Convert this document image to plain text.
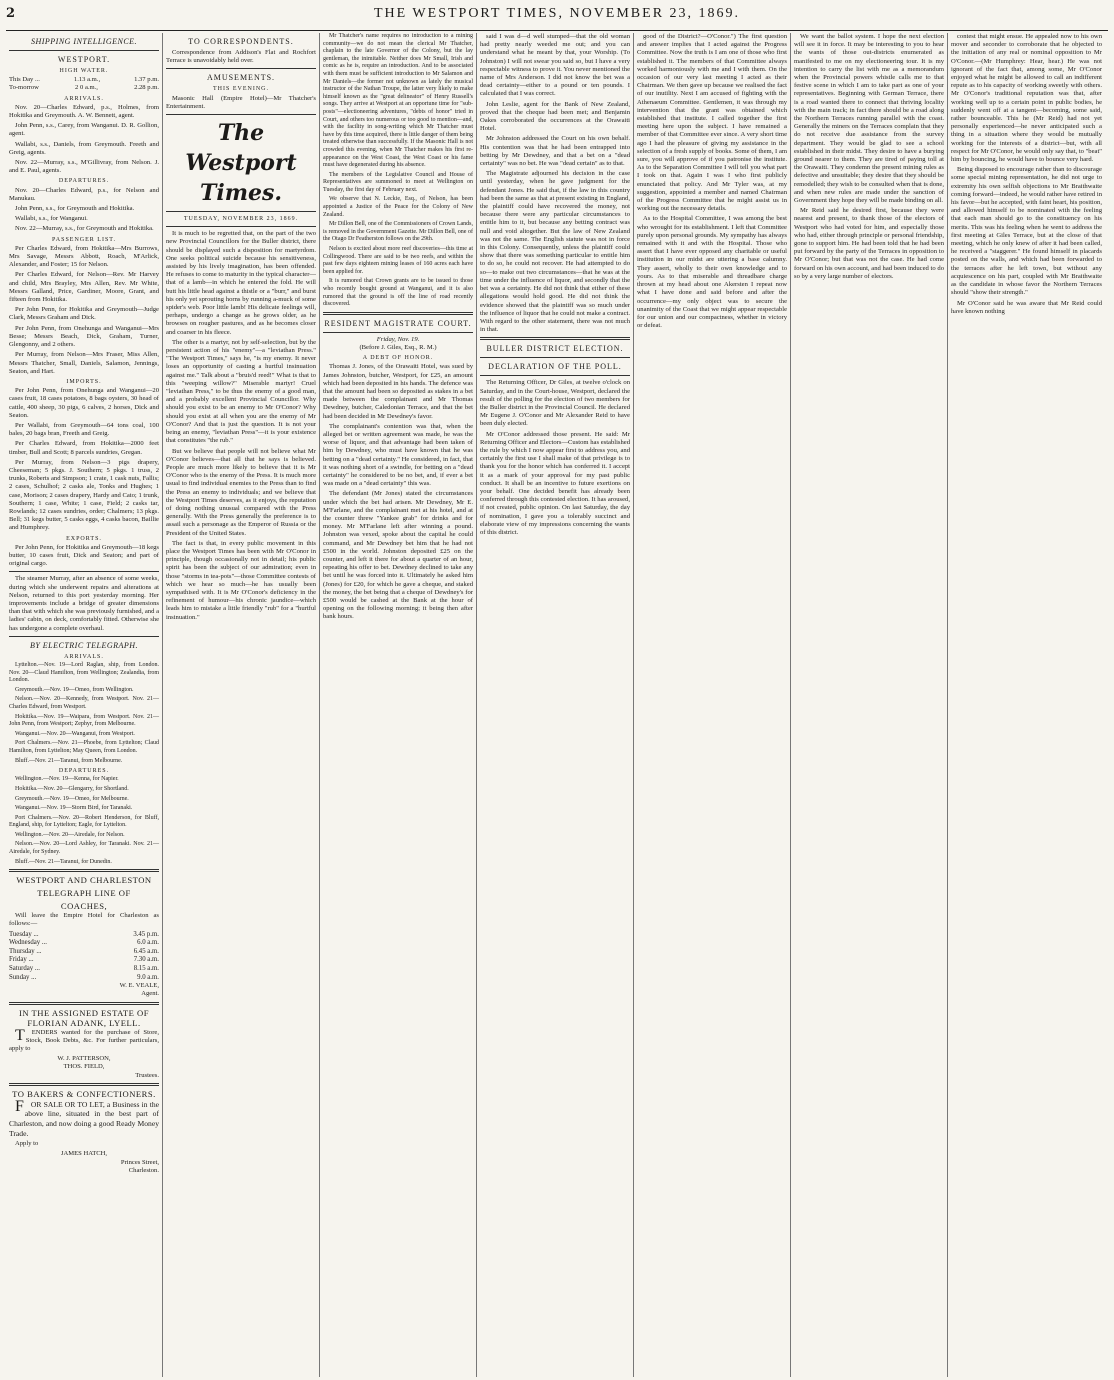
2	THE WESTPORT TIMES, NOVEMBER 23, 1869.
SHIPPING INTELLIGENCE.
WESTPORT.
HIGH WATER.
This Day ...	1.13 a.m.,	1.37 p.m.
To-morrow	2 0 a.m.,	2.28 p.m.
ARRIVALS.

Nov. 20—Charles Edward, p.s., Holmes, from Hokitika and Greymouth. A. W. Bennett, agent.

John Penn, s.s., Carey, from Wanganui. D. R. Gollion, agent.

Wallabi, s.s., Daniels, from Greymouth. Freeth and Greig, agents.

Nov. 22—Murray, s.s., M'Gillivray, from Nelson. J. and E. Paul, agents.

DEPARTURES.

Nov. 20—Charles Edward, p.s., for Nelson and Manukau.

John Penn, s.s., for Greymouth and Hokitika.

Wallabi, s.s., for Wanganui.

Nov. 22—Murray, s.s., for Greymouth and Hokitika.

PASSENGER LIST.

Per Charles Edward, from Hokitika—Mrs Burrows, Mrs Savage, Messrs Abbott, Roach, M'Arlick, Alexander, and Foster; 15 for Nelson.

Per Charles Edward, for Nelson—Rev. Mr Harvey and child, Mrs Brayley, Mrs Allen, Rev. Mr White, Messrs Galland, Price, Gardiner, Moore, Grant, and fifteen from Hokitika.

Per John Penn, for Hokitika and Greymouth—Judge Clark, Messrs Graham and Dick.

Per John Penn, from Onehunga and Wanganui—Mrs Besse; Messrs Beach, Dick, Graham, Turner, Glengonny, and 2 others.

Per Murray, from Nelson—Mrs Fraser, Miss Allen, Messrs Thatcher, Small, Daniels, Salamon, Jennings, Seaton, and Hart.

IMPORTS.

Per John Penn, from Onehunga and Wanganui—20 cases fruit, 18 cases potatoes, 8 bags oysters, 30 head of cattle, 400 sheep, 30 pigs, 6 calves, 2 horses, Dick and Seaton.

Per Wallabi, from Greymouth—64 tons coal, 100 bales, 20 bags bran, Freeth and Greig.

Per Charles Edward, from Hokitika—2000 feet timber, Bull and Scott; 8 parcels sundries, Gregan.

Per Murray, from Nelson—3 pigs drapery, Cheeseman; 5 pkgs. J. Southern; 5 pkgs. 1 truss, 2 trunks, Roberts and Simpson; 1 crate, 1 cask nuts, Fallis; 2 cases, Schulhof; 2 casks ale, Tonks and Hughes; 1 case, Morison; 2 cases drapery, Hardy and Cato; 1 trunk, Southern; 1 case, White; 1 case, Field; 2 casks tar, Rowlands; 12 cases sundries, order; Chalmers; 13 pkgs. Bell; 31 kegs butter, 5 casks eggs, 4 casks bacon, Baillie and Humphrey.

EXPORTS.

Per John Penn, for Hokitika and Greymouth—18 kegs butter, 10 cases fruit, Dick and Seaton; and part of original cargo.

The steamer Murray, after an absence of some weeks, during which she underwent repairs and alterations at Nelson, returned to this port yesterday morning. Her improvements include a bridge of greater dimensions than that with which she was previously furnished, and a ladies' cabin, on deck, comfortably fitted. Otherwise she has undergone a complete overhaul.

BY ELECTRIC TELEGRAPH.
ARRIVALS.

Lyttelton.—Nov. 19—Lord Raglan, ship, from London. Nov. 20—Claud Hamilton, from Wellington; Zealandia, from London.

Greymouth.—Nov. 19—Omeo, from Wellington.

Nelson.—Nov. 20—Kennedy, from Westport. Nov. 21—Charles Edward, from Westport.

Hokitika.—Nov. 19—Waipara, from Westport. Nov. 21—John Penn, from Westport; Zephyr, from Melbourne.

Wanganui.—Nov. 20—Wanganui, from Westport.

Port Chalmers.—Nov. 21—Phoebe, from Lyttelton; Claud Hamilton, from Lyttelton; May Queen, from London.

Bluff.—Nov. 21—Taranui, from Melbourne.

DEPARTURES.

Wellington.—Nov. 19—Kenna, for Napier.

Hokitika.—Nov. 20—Glengarry, for Shortland.

Greymouth.—Nov. 19—Omeo, for Melbourne.

Wanganui.—Nov. 19—Storm Bird, for Taranaki.

Port Chalmers.—Nov. 20—Robert Henderson, for Bluff, England, ship, for Lyttelton; Eagle, for Lyttelton.

Wellington.—Nov. 20—Airedale, for Nelson.

Nelson.—Nov. 20—Lord Ashley, for Taranaki. Nov. 21—Airedale, for Sydney.

Bluff.—Nov. 21—Taranui, for Dunedin.

WESTPORT AND CHARLESTON
TELEGRAPH LINE OF
COACHES,

Will leave the Empire Hotel for Charleston as follows:—

Tuesday ...	3.45 p.m.
Wednesday ...	6.0 a.m.
Thursday ...	6.45 a.m.
Friday ...	7.30 a.m.
Saturday ...	8.15 a.m.
Sunday ...	9.0 a.m.
W. E. VEALE,
Agent.
IN THE ASSIGNED ESTATE OF FLORIAN ADANK, LYELL.

TENDERS wanted for the purchase of Store, Stock, Book Debts, &c. For further particulars, apply to

W. J. PATTERSON,
THOS. FIELD,
Trustees.
TO BAKERS & CONFECTIONERS.

FOR SALE OR TO LET, a Business in the above line, situated in the best part of Charleston, and now doing a good Ready Money Trade.

Apply to

JAMES HATCH,
Princes Street,
Charleston.
TO CORRESPONDENTS.

Correspondence from Addison's Flat and Rochfort Terrace is unavoidably held over.

AMUSEMENTS.
THIS EVENING.

Masonic Hall (Empire Hotel)—Mr Thatcher's Entertainment.

The Westport Times.
TUESDAY, NOVEMBER 23, 1869.

It is much to be regretted that, on the part of the two new Provincial Councillors for the Buller district, there should be displayed such a disposition for martyrdom. One seeks political suicide because his sensitiveness, assisted by his lively imagination, has been offended. He refuses to come to maturity in the typical character—that of a lamb—in which he entered the fold. He will butt his little head against a thistle or a "burr," and burst his only yet sprouting horns by running a-muck of some spider's web. Poor little lamb! His delicate feelings will, perhaps, undergo a change as he grows older, as he browses on rougher pastures, and as he becomes closer and coarser in his fleece.

The other is a martyr, not by self-selection, but by the persistent action of his "enemy"—a "leviathan Press." "The Westport Times," says he, "is my enemy. It never loses an opportunity of casting a hurtful insinuation against me." Talk about a "bruis'd reed!" What is that to this "weeping willow?" Miserable martyr! Cruel "leviathan Press," to be thus the enemy of a good man, and a probably excellent Provincial Councillor. Why should you exist to be an enemy to Mr O'Conor? Why should you exist at all when you are the enemy of Mr O'Conor? And that is just the question. It is not your being an enemy, "leviathan Press"—it is your existence that constitutes "the rub."

But we believe that people will not believe what Mr O'Conor believes—that all that he says is believed. People are much more likely to believe that it is Mr O'Conor who is the enemy of the Press. It is much more usual to find individual enemies to the Press than to find the Press an enemy to individuals; and we believe that the Westport Times deserves, as it enjoys, the reputation of doing nothing unusual compared with the Press generally. With the Press generally the preference is to assail such a personage as the Emperor of Russia or the President of the United States.

The fact is that, in every public movement in this place the Westport Times has been with Mr O'Conor in principle, though occasionally not in detail; his public spirit has been the subject of our admiration; even in those "storms in tea-pots"—those Committee contests of which we hear so much—he has usually been sympathised with. It is Mr O'Conor's deficiency in the refinement of humour—his chronic jaundice—which leads him to mistake a little friendly "rub" for a "hurtful insinuation."

Mr Thatcher's name requires no introduction to a mining community—we do not mean the clerical Mr Thatcher, chaplain to the late Governor of the Colony, but the lay gentleman, the inimitable. Neither does Mr Small, Irish and comic as he is, require an introduction. And to be associated with them must be sufficient introduction to Mr Salamon and Mr Daniels—the former not unknown as lately the musical instructor of the Nathan Troupe, the latter very likely to make himself known as the "great delineator" of Henry Russell's songs. They arrive at Westport at an opportune time for "sub-posts"—electioneering adventures, "debts of honor" tried in Court, and others too numerous or too good to mention—and, with the facility in song-writing which Mr Thatcher must have by this time acquired, there is little danger of them being treated otherwise than successfully. If the Masonic Hall is not crowded this evening, when Mr Thatcher makes his first re-appearance on the West Coast, the West Coast or his fame must have degenerated during his absence.

The members of the Legislative Council and House of Representatives are summoned to meet at Wellington on Tuesday, the first day of February next.

We observe that N. Leckie, Esq., of Nelson, has been appointed a Justice of the Peace for the Colony of New Zealand.

Mr Dillon Bell, one of the Commissioners of Crown Lands, is removed in the Government Gazette. Mr Dillon Bell, one of the Otago Dr Featherston follows on the 29th.

Nelson is excited about more reef discoveries—this time at Collingwood. There are said to be two reefs, and within the past few days eighteen mining leases of 160 acres each have been applied for.

It is rumored that Crown grants are to be issued to those who recently bought ground at Wanganui, and it is also rumored that the ground is off the line of road recently discovered.

RESIDENT MAGISTRATE COURT.
Friday, Nov. 19.
(Before J. Giles, Esq., R. M.)
A DEBT OF HONOR.

Thomas J. Jones, of the Orawaiti Hotel, was sued by James Johnston, butcher, Westport, for £25, an amount which had been deposited in his hands. The defence was that the amount had been so deposited as stakes in a bet made between the complainant and Mr Thomas Dewdney, butcher, Caledonian Terrace, and that the bet had been decided in Mr Dewdney's favor.

The complainant's contention was that, when the alleged bet or written agreement was made, he was the worse of liquor, and that advantage had been taken of him by Dewdney, who must have known that he was betting on a "dead certainty." He considered, in fact, that it was nothing short of a swindle, for betting on a "dead certainty" he considered to be no bet, and, if ever a bet was made on a "dead certainty" this was.

The defendant (Mr Jones) stated the circumstances under which the bet had arisen. Mr Dewdney, Mr E. M'Farlane, and the complainant met at his hotel, and at the counter threw "Yankee grab" for drinks and for money. Mr M'Farlane left after winning a pound. Johnston was vexed, spoke about the capital he could command, and Mr Dewdney bet him that he had not £500 in the world. Johnston deposited £25 on the counter, and left it there for about a quarter of an hour, repeating his offer to bet. Dewdney declined to take any bet until he was forced into it. Ultimately he asked him (Jones) for £20, for which he gave a cheque, and staked the money, the bet being that a cheque of Dewdney's for £500 would be cashed at the Bank at the hour of opening on the following morning; it being then after bank hours.

said I was d—d well stumped—that the old woman had pretty nearly weeded me out; and you can understand what he meant by that, your Worship. (To Johnston) I will not swear you said so, but I have a very respectable witness to prove it. You never mentioned the name of Mrs Anderson. I did not know the bet was a dead certainty—either to a pound or ten pounds. I calculated that I was correct.

John Leslie, agent for the Bank of New Zealand, proved that the cheque had been met; and Benjamin Oakes corroborated the occurrences at the Orawaiti Hotel.

Mr Johnston addressed the Court on his own behalf. His contention was that he had been entrapped into betting by Mr Dewdney, and that a bet on a "dead certainty" was no bet. He was "dead certain" as to that.

The Magistrate adjourned his decision in the case until yesterday, when he gave judgment for the defendant Jones. He said that, if the law in this country had been the same as that at present existing in England, the plaintiff could have recovered the money, not because there were any particular circumstances to entitle him to it, but because any betting contract was null and void altogether. But the law of New Zealand was not the same. The English statute was not in force in this Colony. Consequently, unless the plaintiff could show that there was something particular to entitle him to do so, he could not recover. He had attempted to do so—to make out two circumstances—that he was at the time under the influence of liquor, and secondly that the bet was a certainty. He did not think that either of these allegations would hold good. He did not think the evidence showed that the plaintiff was so much under the influence of liquor that he could not make a contract. With regard to the other statement, there was not much in that.

BULLER DISTRICT ELECTION.
DECLARATION OF THE POLL.

The Returning Officer, Dr Giles, at twelve o'clock on Saturday, and in the Court-house, Westport, declared the result of the polling for the election of two members for the Buller district in the Provincial Council. He declared Mr Eugene J. O'Conor and Mr Alexander Reid to have been duly elected.

Mr O'Conor addressed those present. He said: Mr Returning Officer and Electors—Custom has established the rule by which I now appear first to address you, and certainly the first use I shall make of that privilege is to thank you for the honor which has conferred it. I accept it as a mark of your approval for my past public conduct. It shall be an incentive to future exertions on your behalf. One decided benefit has already been conferred through this contested election. It has aroused, if not created, public opinion. On last Saturday, the day of nomination, I gave you a tolerably succinct and elaborate view of my impressions concerning the wants of this district.

good of the District?—O'Conor.") The first question and answer implies that I acted against the Progress Committee. Now the truth is I am one of those who first established it. The members of that Committee always worked harmoniously with me and I with them. On the occasion of our very last meeting I acted as their Chairman. We then gave up because we realised the fact of our inutility. Next I am accused of fighting with the Athenaeum Committee. Gentlemen, it was through my intervention that the grant was obtained which established that institute. I called together the first meeting here upon the subject. I have remained a member of that Committee ever since. A very short time ago I had the pleasure of giving my assistance in the selection of a fresh supply of books. Some of them, I am sure, you will approve of if you patronise the institute. As to the Separation Committee I will tell you what part I took on that. Again I was I who first publicly enunciated that policy. And Mr Tyler was, at my suggestion, appointed a member and named Chairman of the Progress Committee that he might assist us in working out the necessary details.

As to the Hospital Committee, I was among the best who wrought for its establishment. I left that Committee purely upon personal grounds. My sympathy has always remained with it and with the Hospital. Those who assert that I have ever opposed any charitable or useful institution in our midst are uttering a base calumny. They assert, wholly to their own knowledge and to yours. As to that miserable and threadbare charge thrown at my head about one Akersten I repeat now what I have done and said before and after the occurrence—my only object was to secure the unanimity of the Coast that we might appear respectable for our union and our compactness, whether in victory or defeat.

We want the ballot system. I hope the next election will see it in force. It may be interesting to you to hear the wants of those out-districts enumerated as manifested to me on my electioneering tour. It is my intention to carry the list with me as a memorandum when the Provincial powers whistle calls me to that festive scene in which I am to take part as one of your representatives. Beginning with German Terrace, there is a road wanted there to connect that thriving locality with the main track; in fact there should be a road along the Northern Terraces running parallel with the coast. Generally the miners on the Terraces complain that they do not receive due assistance from the survey department. They would be glad to see a school established in their midst. They desire to have a burying ground nearer to them. They are tired of paying toll at the Orawaiti. They condemn the present mining rules as defective and unsuitable; they desire that they should be remodelled; they wish to be consulted when that is done, and when new rules are made under the sanction of Government they hope they will be made binding on all.

Mr Reid said he desired first, because they were nearest and present, to thank those of the electors of Westport who had voted for him, and especially those who had, either through principle or personal friendship, gone to support him. He had been told that he had been put forward by the party of the Terraces in opposition to Mr O'Conor; but that was not the case. He had come forward on his own account, and had been induced to do so by a very large number of electors.

contest that might ensue. He appealed now to his own mover and seconder to corroborate that he objected to the initiation of any real or nominal opposition to Mr O'Conor.—(Mr Humphrey: Hear, hear.) He was not ignorant of the fact that, among some, Mr O'Conor enjoyed what he might be allowed to call an indifferent repute as to his capacity of working sweetly with others. Mr O'Conor's traditional reputation was that, after working well up to a certain point in public bodies, he suddenly went off at a tangent—becoming, some said, rather bounceable. This he (Mr Reid) had not yet personally experienced—he never anticipated such a thing in a situation where they would be mutually working for the interests of a district—but, with all respect for Mr O'Conor, he would only say that, to "beat" him by bouncing, he would have to bounce very hard.

Being disposed to encourage rather than to discourage some special mining representation, he did not urge to extremity his own selfish objections to Mr Braithwaite coming forward—indeed, he would rather have retired in his favor—but he accepted, with faint heart, his position, and allowed himself to be nominated with the feeling that each man should go to the constituency on his merits. This was his feeling when he went to address the first meeting at Giles Terrace, but at the close of that meeting, which he only knew of after it had been called, he received a "staggerer." He found himself in placards posted on the walls, and which had been forwarded to the terraces after he left town, but without any acquiescence on his part, coupled with Mr Braithwaite as the candidate in whose favor the Northern Terraces should "show their strength."

Mr O'Conor said he was aware that Mr Reid could have known nothing
